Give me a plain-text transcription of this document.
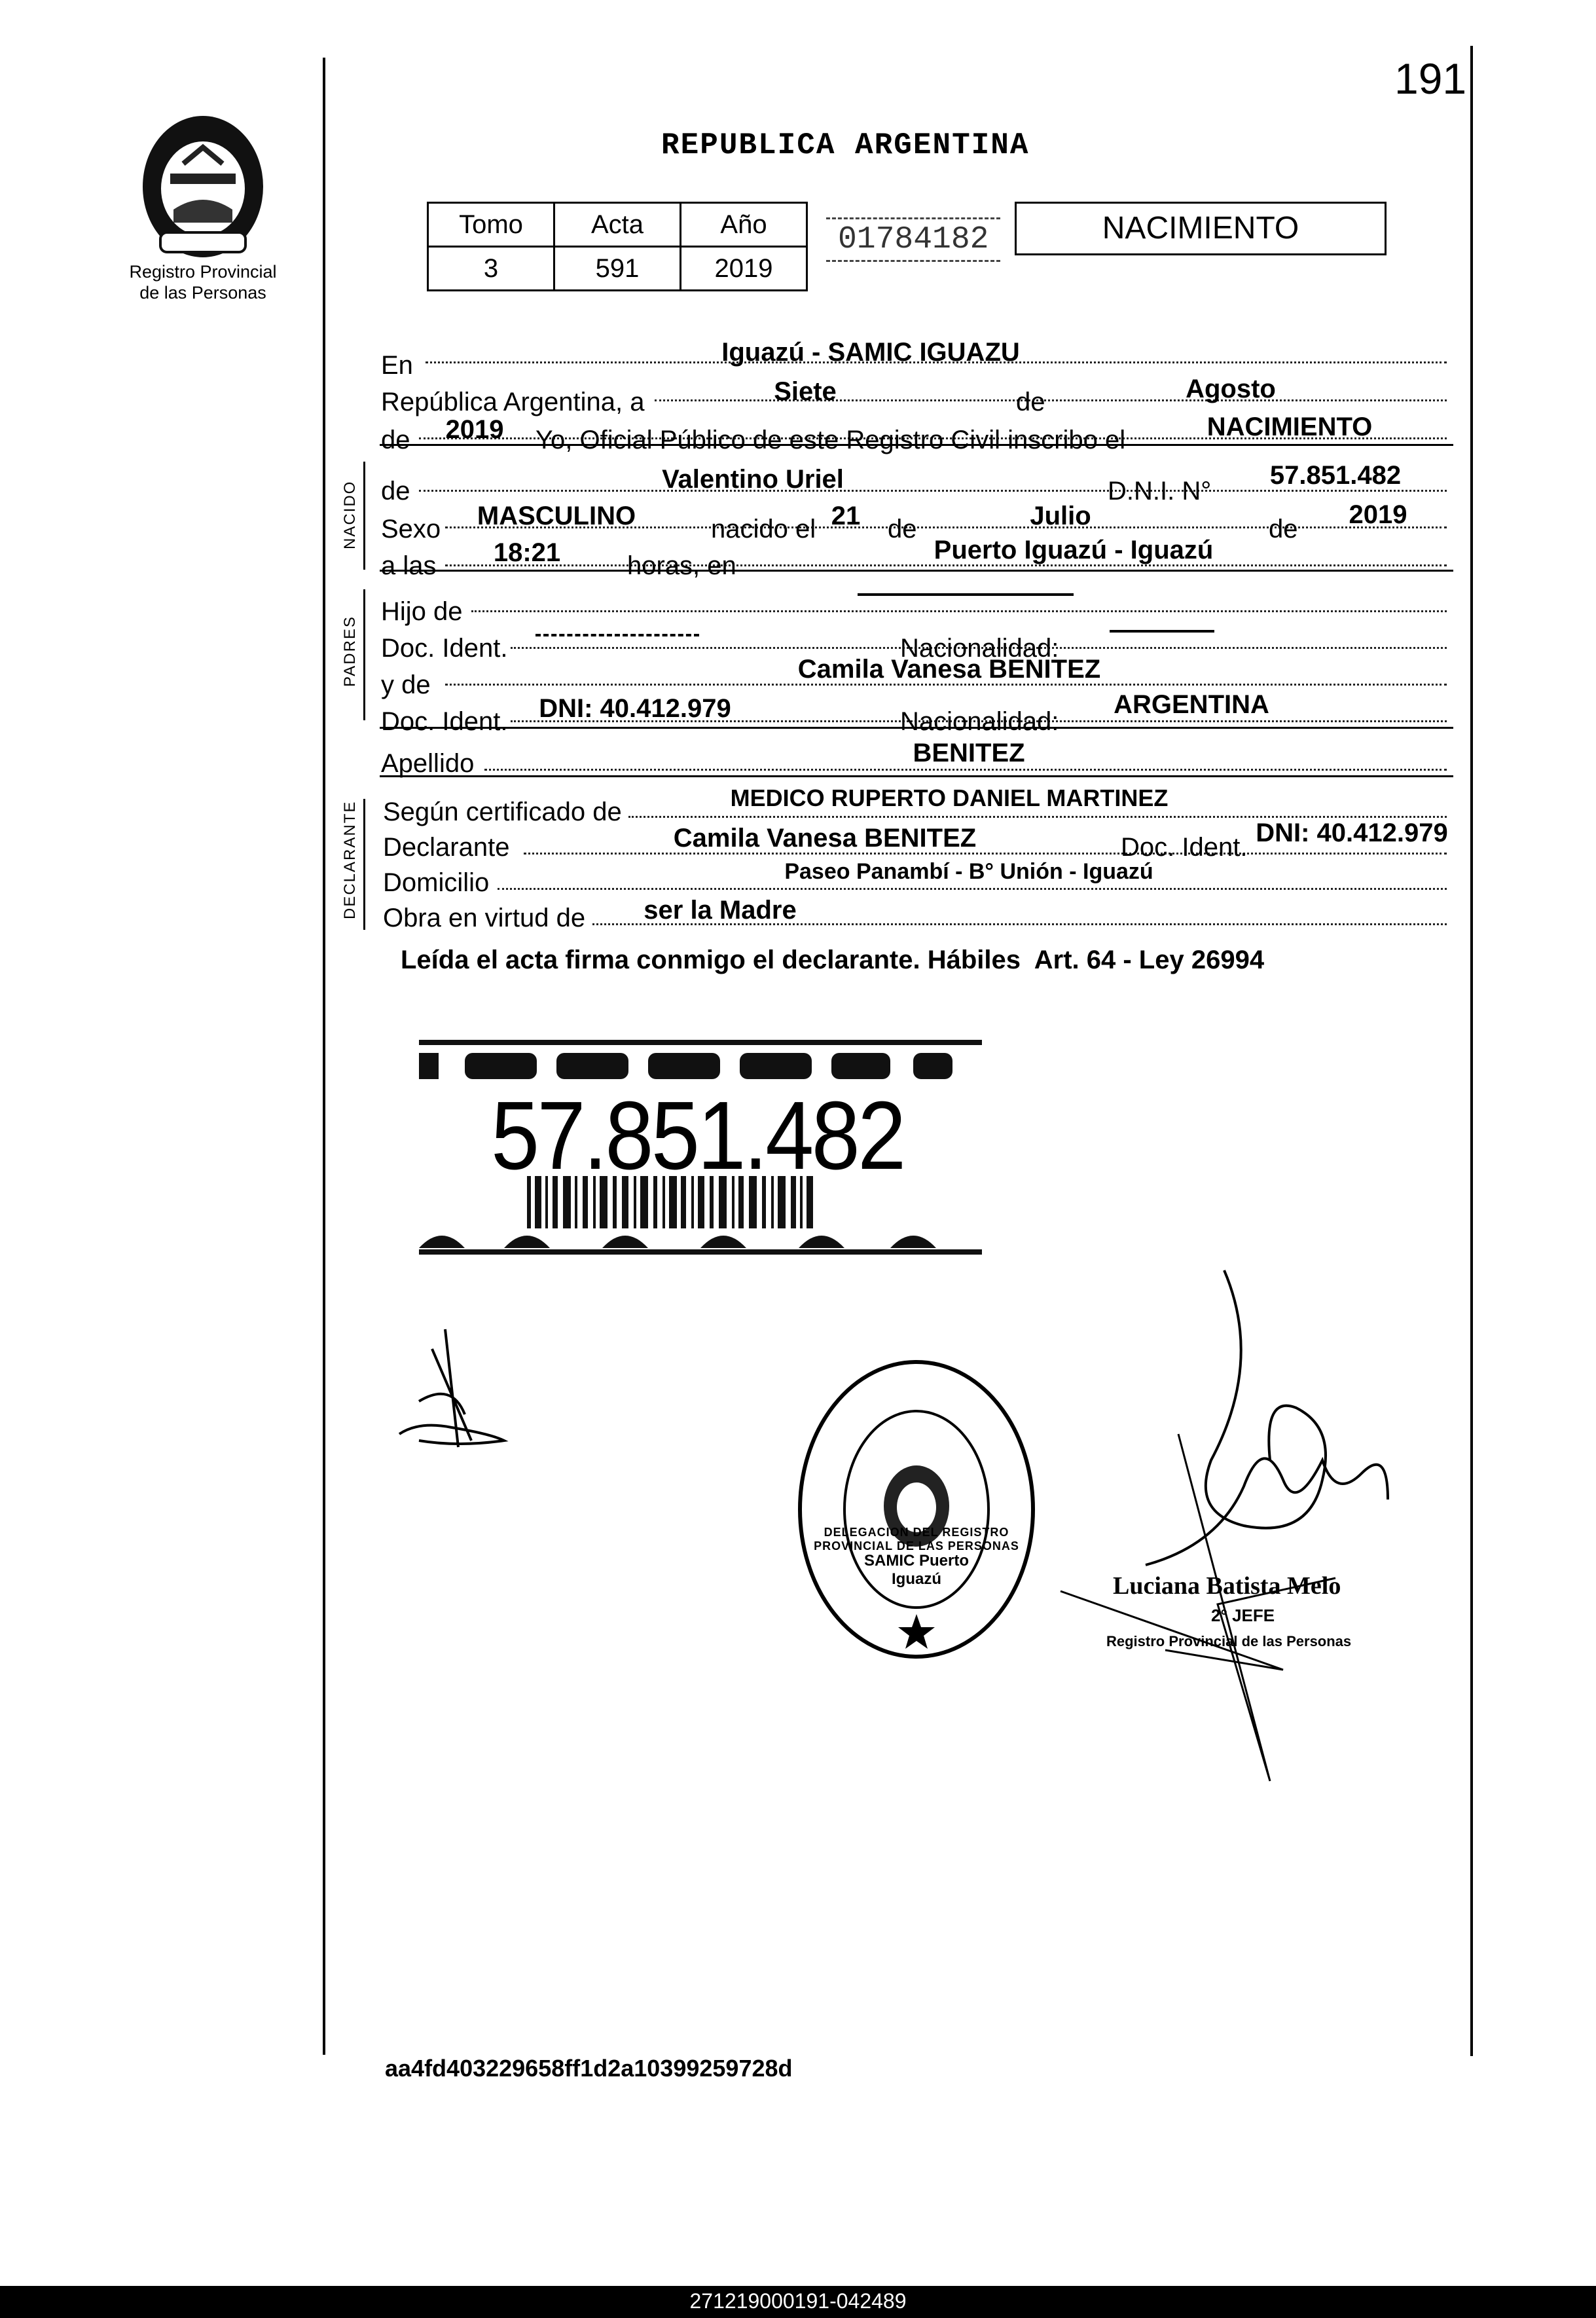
191
Registro Provincial
de las Personas
REPUBLICA ARGENTINA
Tomo	Acta	Año
3	591	2019
01784182	NACIMIENTO
NACIDO
PADRES
DECLARANTE
En	Iguazú - SAMIC IGUAZU
República Argentina, a	Siete	de	Agosto
de	2019	Yo, Oficial Público de este Registro Civil inscribo el	NACIMIENTO
de	Valentino Uriel	D.N.I. N°
57.851.482
Sexo MASCULINO	nacido el 21 de	Julio	de	2019
a las 18:21	horas, en
Puerto Iguazú - Iguazú
Hijo de
Doc. Ident.	Nacionalidad:
y de
Camila Vanesa BENITEZ
Doc. Ident.	DNI: 40.412.979	Nacionalidad:
ARGENTINA
Apellido	BENITEZ
Según certificado de	MEDICO RUPERTO DANIEL MARTINEZ
Declarante	Camila Vanesa BENITEZ	Doc. Ident. DNI: 40.412.979
Domicilio	Paseo Panambí - B° Unión - Iguazú
Obra en virtud de	ser la Madre
Leída el acta firma conmigo el declarante. Hábiles  Art. 64 - Ley 26994
57.851.482
DELEGACION DEL REGISTRO PROVINCIAL DE LAS PERSONAS
SAMIC Puerto Iguazú	Luciana Batista Melo
2° JEFE
Registro Provincial de las Personas
aa4fd403229658ff1d2a10399259728d
271219000191-042489
